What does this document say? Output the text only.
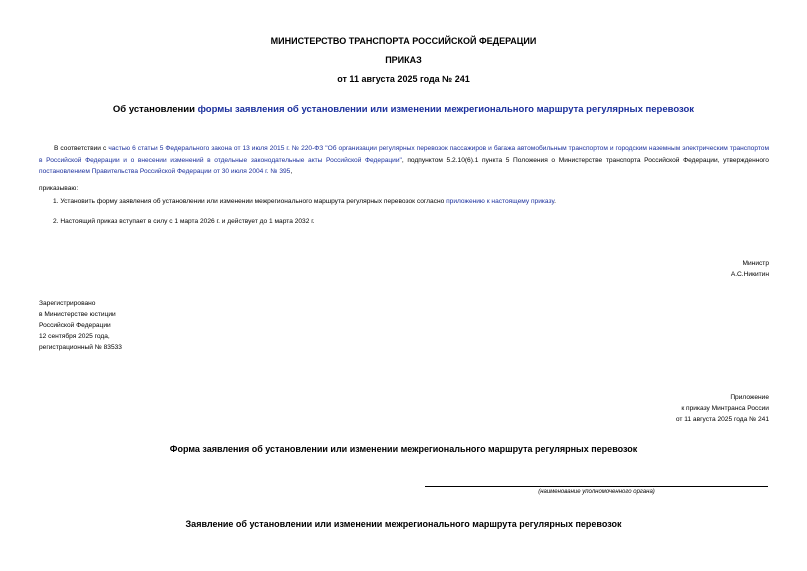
МИНИСТЕРСТВО ТРАНСПОРТА РОССИЙСКОЙ ФЕДЕРАЦИИ
ПРИКАЗ
от 11 августа 2025 года № 241
Об установлении формы заявления об установлении или изменении межрегионального маршрута регулярных перевозок
В соответствии с частью 6 статьи 5 Федерального закона от 13 июля 2015 г. № 220-ФЗ "Об организации регулярных перевозок пассажиров и багажа автомобильным транспортом и городским наземным электрическим транспортом в Российской Федерации и о внесении изменений в отдельные законодательные акты Российской Федерации", подпунктом 5.2.10(6).1 пункта 5 Положения о Министерстве транспорта Российской Федерации, утвержденного постановлением Правительства Российской Федерации от 30 июля 2004 г. № 395,
приказываю:
1. Установить форму заявления об установлении или изменении межрегионального маршрута регулярных перевозок согласно приложению к настоящему приказу.
2. Настоящий приказ вступает в силу с 1 марта 2026 г. и действует до 1 марта 2032 г.
Министр
А.С.Никитин
Зарегистрировано
в Министерстве юстиции
Российской Федерации
12 сентября 2025 года,
регистрационный № 83533
Приложение
к приказу Минтранса России
от 11 августа 2025 года № 241
Форма заявления об установлении или изменении межрегионального маршрута регулярных перевозок
(наименование уполномоченного органа)
Заявление об установлении или изменении межрегионального маршрута регулярных перевозок
